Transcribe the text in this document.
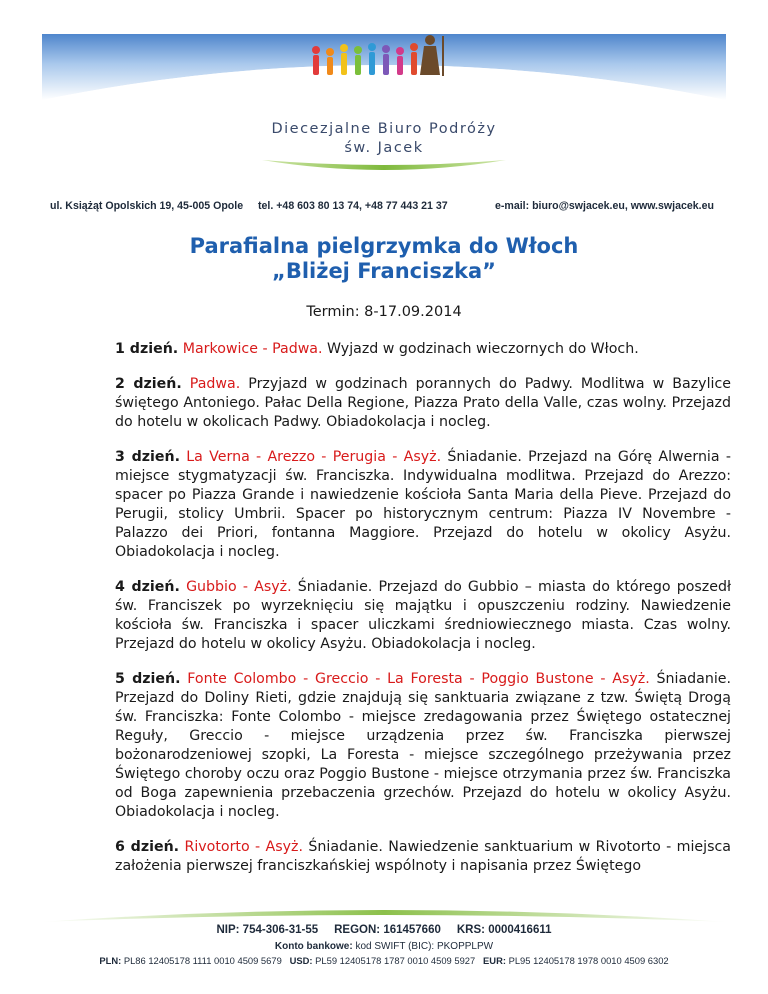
Diecezjalne Biuro Podróży
św. Jacek
ul. Książąt Opolskich 19, 45-005 Opole tel. +48 603 80 13 74, +48 77 443 21 37	e-mail: biuro@swjacek.eu, www.swjacek.eu
Parafialna pielgrzymka do Włoch
„Bliżej Franciszka”
Termin: 8-17.09.2014

1 dzień. Markowice - Padwa. Wyjazd w godzinach wieczornych do Włoch.

2 dzień. Padwa. Przyjazd w godzinach porannych do Padwy. Modlitwa w Bazylice świętego Antoniego. Pałac Della Regione, Piazza Prato della Valle, czas wolny. Przejazd do hotelu w okolicach Padwy. Obiadokolacja i nocleg.

3 dzień. La Verna - Arezzo - Perugia - Asyż. Śniadanie. Przejazd na Górę Alwernia - miejsce stygmatyzacji św. Franciszka. Indywidualna modlitwa. Przejazd do Arezzo: spacer po Piazza Grande i nawiedzenie kościoła Santa Maria della Pieve. Przejazd do Perugii, stolicy Umbrii. Spacer po historycznym centrum: Piazza IV Novembre - Palazzo dei Priori, fontanna Maggiore. Przejazd do hotelu w okolicy Asyżu. Obiadokolacja i nocleg.

4 dzień. Gubbio - Asyż. Śniadanie. Przejazd do Gubbio – miasta do którego poszedł św. Franciszek po wyrzeknięciu się majątku i opuszczeniu rodziny. Nawiedzenie kościoła św. Franciszka i spacer uliczkami średniowiecznego miasta. Czas wolny. Przejazd do hotelu w okolicy Asyżu. Obiadokolacja i nocleg.

5 dzień. Fonte Colombo - Greccio - La Foresta - Poggio Bustone - Asyż. Śniadanie. Przejazd do Doliny Rieti, gdzie znajdują się sanktuaria związane z tzw. Świętą Drogą św. Franciszka: Fonte Colombo - miejsce zredagowania przez Świętego ostatecznej Reguły, Greccio - miejsce urządzenia przez św. Franciszka pierwszej bożonarodzeniowej szopki, La Foresta - miejsce szczególnego przeżywania przez Świętego choroby oczu oraz Poggio Bustone - miejsce otrzymania przez św. Franciszka od Boga zapewnienia przebaczenia grzechów. Przejazd do hotelu w okolicy Asyżu. Obiadokolacja i nocleg.

6 dzień. Rivotorto - Asyż. Śniadanie. Nawiedzenie sanktuarium w Rivotorto - miejsca założenia pierwszej franciszkańskiej wspólnoty i napisania przez Świętego

NIP: 754-306-31-55 REGON: 161457660 KRS: 0000416611
Konto bankowe: kod SWIFT (BIC): PKOPPLPW
PLN: PL86 12405178 1111 0010 4509 5679 USD: PL59 12405178 1787 0010 4509 5927 EUR: PL95 12405178 1978 0010 4509 6302
